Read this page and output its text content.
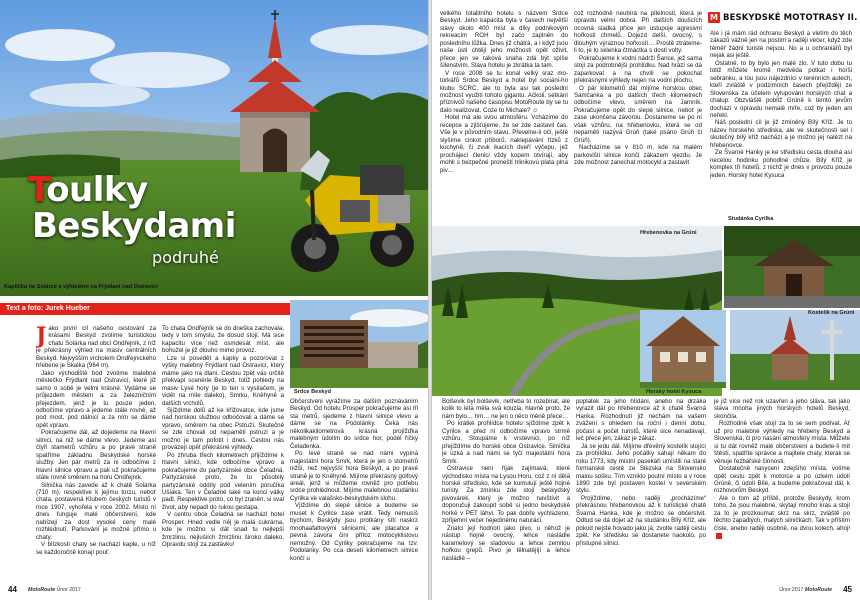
Toulky
Beskydami
podruhé
Kaplička na Solárce s výhledem na Frýdlant nad Ostravicí
Text a foto: Jurek Hueber
Srdce Beskyd
J ako první cíl našeho cestování za krásami Beskyd zvolíme turistickou chatu Solárka nad obcí Ondřejník, z níž je překrásný výhled na masiv centrálních Beskyd. Nejvyšším vrcholem Ondřejnického hřebene je Skalka (964 m).

Jako východiště bod zvolíme malebné městečko Frýdlant nad Ostravicí, které již samo o sobě je velmi krásné. Vydáme se průjezdem městem a za železničním přejezdem, jenž je tu pouze jeden, odbočíme vpravo a jedeme stále rovně, až pod most, pod dálnicí a za ním se dáme opět vpravo.

Pokračujeme dál, až dojedeme na hlavní silnici, na níž se dáme vlevo. Jedeme asi čtyři stametrů vzhůru a po pravé straně spatříme základnu Beskydské horské služby. Jen pár metrů za ní odbočíme z hlavní silnice vpravo a pak už pokračujeme stále rovně směrem na horu Ondřejník.

Silnička nás zavede až k chatě Solárka (710 m), respektive k jejímu torzu, neboť chata, postavená Klubem českých turistů v roce 1907, vyhořela v roce 2002. Místo ní dnes funguje malé občerstvení, kde nabízejí za dost vysoké ceny malé rozhlédnutí. Parkování je možné přímo u chaty.

V blízkosti chaty se nachází kaple, u níž se každoročně konají pouť.

To chata Ondřejník se do dneška zachovala, tedy v tom smyslu, že dosud stojí. Má sice kapacitu více než osmdesát míst, ale bohužel je již dlouho mimo provoz.

Lze si posedět a kapky a pozorovat z výšky malebný Frýdlant nad Ostravicí, který máme jako na dlani. Cestou zpět vás určitě překvapí scenérie Beskyd, totiž pohledy na masiv Lysé hory (je to ten s vysílačem, je vidět na míle daleko), Smrku, Kněhyně a dalších vrcholů.

Sjíždíme dolů až ke křižovatce, kde jsme nad horskou službou odbočovali a dáme se vpravo, směrem na obec Pstruží. Skutečně se zde chovali od nepaměti pstruzi a je možno je tam pofotit i dnes. Cestou nás provázejí opět překrásné výhledy.

Po zhruba třech kilometrech přijíždíme k hlavní silnici, kde odbočíme vpravo a pokračujeme do partyzánské obce Čeladná. Partyzánské proto, že tu působily partyzánské oddíly pod velením poručíka Ušiaka. Ten v Čeladné také na konci války padl. Respektive proto, co byl zraněn, si sval život, aby nepadl do rukou gestapa.

V centru obce Čeladná se nachází hotel Prosper. Hned vedle něj je malá cukrárna, kde je možno si dát snad tu nejlepší žmrzlinu, nejlušiích žmrzlinu široko daleko. Opravdu stojí za zastávku!

Občerstveni vyrážíme za dalším poznáváním Beskyd. Od hotelu Prosper pokračujeme asi tři sta metrů, sjedeme z hlavní silnice vlevo a dáme se na Podolánky. Čeká nás několikakilometrová krásná projížďka malebným údolím do srdce hor, podél říčky Čeladenka.

Po levé straně se nad námi vypíná majestátní hora Smrk, která je jen o stometrů nižší, než nejvyšší hora Beskyd, a po pravé straně je to Kněhyně. Míjíme překrásný golfový areál, jenž si můžeme rovněž pro potřebu srdce prohlédnout. Míjíme malebnou studánku Cyrilka ve valašsko-beskydském slohu.

Vjíždíme do slepé silnice a budeme se muset k Cyrilce zase vrátit. Tedy nemusíš bychom, Beskydy jsou protkány sítí naskrz mnohaafaltovými silnicemi, ale placatice a pevná závora činí přítoz motocyklistovu nemožný. Od Cyrilky pokračujeme na tzv. Podolánky. Po cca desetí kilometrech silnice končí u

44 MotoRoute Únor 2017
M BESKYDSKÉ MOTOTRASY II.

velkého totalitního hotelu s názvem Srdce Beskyd. Jeho kapacita byla v časech největší slávy okolo 400 míst a díky podnikovým rekreacím ROH byl začo zaplněn do posledního lůžka. Dnes již chátrá, a i když jsou naše ústi chtějí jeho možnosti opět oživit, přece jen se taková snaha zdá být spíše šílenstvím. Sláva hotelu je zkrátka ta tam.

V roce 2008 se tu konal velký sraz mo-torkářů Srdce Beskyd a hotel byl sociáni-ho klubu SCRC, ale to byla asi tak poslední možnost využití tohoto gigantu. Ačkoli, setkání příznivců našeho časopisu MotoRoute by se tu dalo realizovat. Coże to Michale? ☺

Hotel má ale svou atmosféru. Vcházíme do recepce a zjišťujeme, že se zde zastavil čas. Vše je v původním stavu. Převelne-li oči, ještě slyšíme cinkot příborů, naklepávání řízků z kuchyně, či zvuk ikacích dveří výčepu, jež prochájecí členici vždy kopem otvírají, aby mohli s bezpečné proneští hlinikovú plata plná piv…

což rozhodně neubírá na pitelnosti, která je opravdu velmi dobrá. Při dalších doušcích ocovná sladká příce jen ustupuje agresivní hořkosti chmelů. Dojezd delší, ovocný, s dlouhým výraznou hořkostí… Prostě ztráteme-li to, je to sklenka čtmáctka s dosti volty.

Pokračujeme k vodní nádrži Šance, jež sama stojí za podrobnější prohlídku. Nad hrází se dá zaparkovat a na chvíli se pokochat překrásnými výhledy nejen na vodní plochu.

O pár kilometrů dál míjíme horskou obec Samčanka a po dalších třech kilometrech odbočíme vlevo, směrem na Jamník. Pokračujeme opět do slepé silnice, neboť je zase ukončena závorou. Dostaneme se po ní však vzhůru, na hřebenovku, která se od nepaměti nazývá Grúň (také psáno Grúň či Grúň).

Nacházíme se v 810 m, kde na malém parkovišti silnice končí zákazem vjezdu. Je zde možnost zanechat motocykl a zastavit

Ale i já mám rád ochranu Beskyd a vletím do těch zákazů vážně jen na postim a raději večer, když zde téměř žádní turisté nejsou. No a u ochraniářů byl nejak asi ještě.

Ostatně, to by bylo jen malé zlo. V tuto dobu tu totiž můžete kromě medvěda potkat i horši sebranku, a tou jsou nájezdníci v terénních autech, kteří zvláště v podzimních časech přejíždějí ze Slovenska za účelem vylupování horských chat a chalup. Obzvláště poblíž Grúně k tèmto jevům dochází v opravdu nemalé míře, coż by jeden ani neřekl.

Náš poslední cíl je již zmíněný Bílý Kříž. Je to název horského střediska, ale ve skutečnosti sel i skutečný bílý kříž nachází a je možno jej nalézt na hřebenovce.

Ze Švarné Hanky je ke středisku cesta dlouhá asi necelou hodinku pohodlné chůze. Bílý Kříž je komplex tří hotelů, z nichž je dnes v provozu pouze jeden. Horský hotel Kysuca

Hřebenovka na Grúni
Studánka Cyrilka
Horský hotel Kysuca
Kostelík na Grúni

Bolševik byl bolševik, netřeba to rozebírat, ale kolik to léta měla svá kouzla, hlavně proto, že nám bylo… hm… ne jen o něco méně přece…

Po krátké prohlídce hotelu sjíždíme zpět k Cyrilce a před ní odbočíme vpravo strmě vzhůru. Stoupáme k vrstevnici, po níž přejíždíme do horské obce Ostravice. Silnička je úzká a nad námi se tyčí majestátní hora Smrk.

Ostravice není říjak zajímavá, které východisko místa na Lysou Horu, coż z ní dělá horské středisko, kde se kumulují ještě hojné turisty. Za zmínku zde stojí beskydský pivovárek, který je možno navštívit a doporučuji zakoupit sobě si jedno beskydské horké v PET láhvi. To pak dobře vychlazeno, zpříjemní večer nejedinému naturáci.

Znalci její hodnotí jako pivo, u něhož je nástup hojně ovocný, lehce nasládle karamelový se sladovou a lehce zemitou hořkou grepů. Pivo je tělnatějíjí a lehce nasládlé –

poplatek za jeho hlídání, anebo na drzáka vyrazit dál po hřebenovce až k chatě Švarná Hanka. Rozhodnutí již nechám na vašem zvážení s ohledem na roční i denní dobu, počasí a počet turistů, které sice nenadávají, leč přece jen, zákaz je zákaz.

Já se jedu dál. Míjíme dřevěný kostelík stojící za prohlídku. Jeho počátky sahají někam do roku 1773, kdy místní pasekáři umístili na staré formanské cestě ze Slezska na Slovensko malou sošku. Tím vzniklo poutní místo a v roce 1890 zde byl postaven kostel v severském stylu.

Projíždíme, nebo raději „procházíme“ překrásnou hřebenovkou až k turistické chatě Švarná Hanka, kde je možno se občerstvit. Odtud se dá dojet až na studánku Bílý Kříž, ale pokud nejste hovado jako já, zvolte raději cestu zpět. Ke středisku se dostanete naokolo, po přístupné silnici.

je již více než rok uzavřen a jeho sláva, tak jako sláva mnoha jiných horských hotelů Beskyd, skončila.

Rozhodně však stojí za to se sem podívat. Ať už pro malebné výhledy na hřebeny Beskyd a Slovenska, či pro nasání atmosféry místa. Můžete si tu dát rovněž malé občerstvení a budete-li mít štěstí, spatříte správce a majitele chaty, kterak se věnuje řezbářské činnosti.

Dostatečně nasycení zdejšího místa, volíme opět cestu zpět k motorce a po úzkém údolí Grúně, či údolí Bílé, a budeme pokračovat dál, k rozhovorům Beskyd.

Ale o tom až příště, protože Beskydy, krom toho, že jsou malebné, skýtají mnoho krás a stojí za to je prozkoumat skrz na skrz, zvláště po těchto zapadlých, malých silničkách. Tak v příštím čísle, anebo raději osobně, na dvou kolech, ahoj!

45
Únor 2017 MotoRoute
